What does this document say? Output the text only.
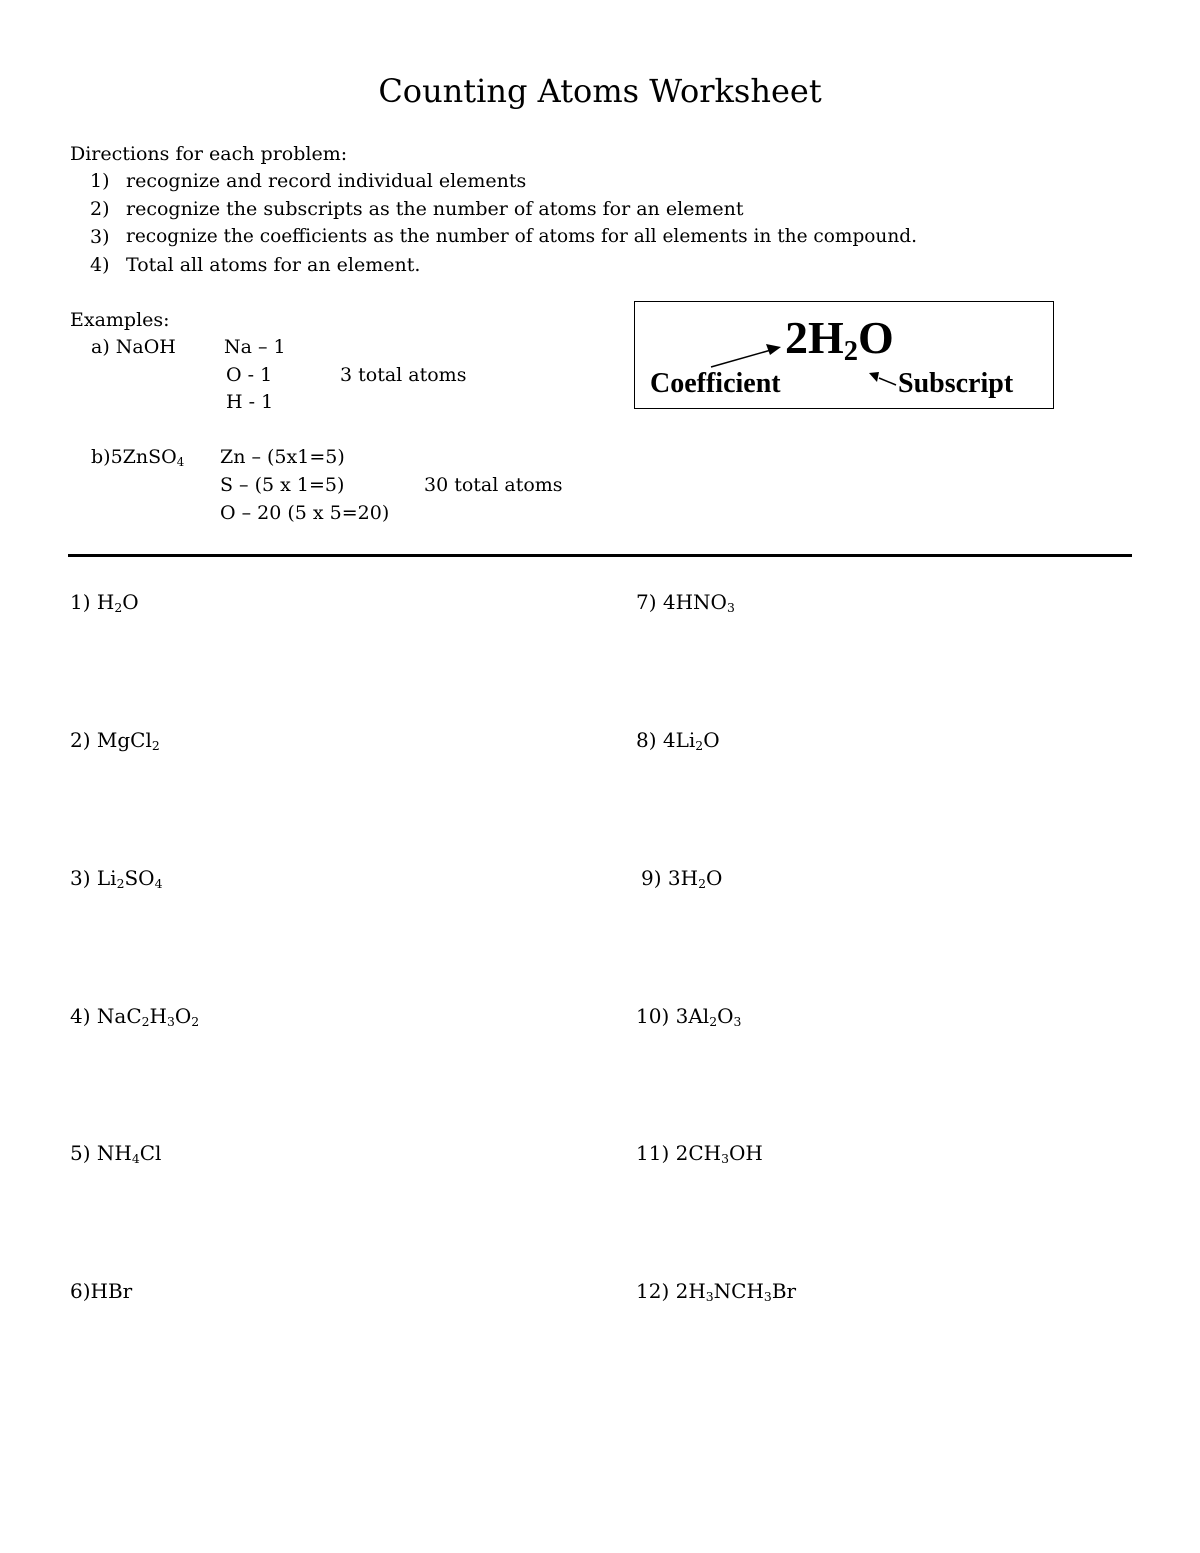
Counting Atoms Worksheet
Directions for each problem:
1) recognize and record individual elements
2) recognize the subscripts as the number of atoms for an element
3) recognize the coefficients as the number of atoms for all elements in the compound.
4) Total all atoms for an element.
Examples:
a) NaOH	Na – 1
O - 1
H - 1
3 total atoms
b)5ZnSO$_4$ Zn – (5x1=5)
S – (5 x 1=5)
O – 20 (5 x 5=20)
30 total atoms
$2H_2O$
Coefficient	Subscript
1) $H_2O$
2) MgCl$_2$
3) $Li_2SO_4$
4) $NaC_2H_3O_2$
5) $NH_4Cl$
6)HBr
7) $4HNO_3$
8) $4Li_2O$
9) $3H_2O$
10) $3Al_2O_3$
11) $2CH_3OH$
12) $2H_3NCH_3Br$
